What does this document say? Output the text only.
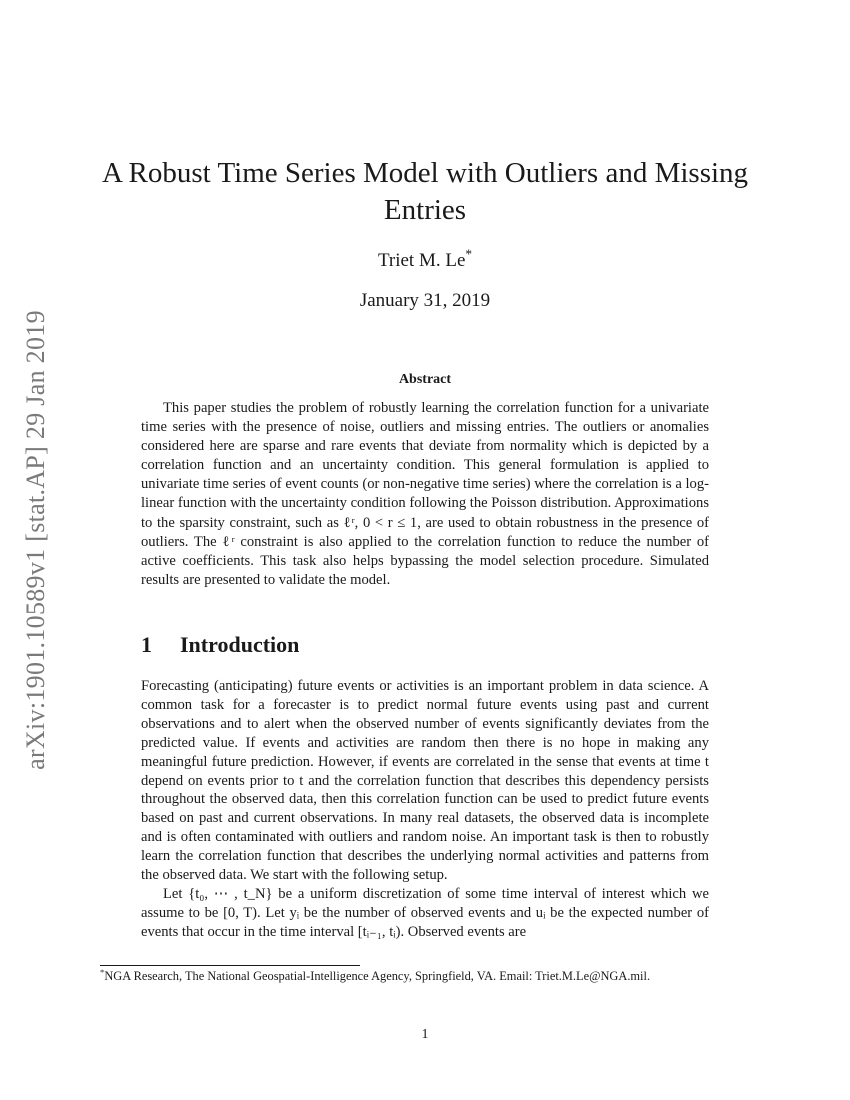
arXiv:1901.10589v1 [stat.AP] 29 Jan 2019
A Robust Time Series Model with Outliers and Missing Entries
Triet M. Le*
January 31, 2019
Abstract

This paper studies the problem of robustly learning the correlation function for a univariate time series with the presence of noise, outliers and missing entries. The outliers or anomalies considered here are sparse and rare events that deviate from normality which is depicted by a correlation function and an uncertainty condition. This general formulation is applied to univariate time series of event counts (or non-negative time series) where the correlation is a log-linear function with the uncertainty condition following the Poisson distribution. Approximations to the sparsity constraint, such as ℓʳ, 0 < r ≤ 1, are used to obtain robustness in the presence of outliers. The ℓʳ constraint is also applied to the correlation function to reduce the number of active coefficients. This task also helps bypassing the model selection procedure. Simulated results are presented to validate the model.

1 Introduction

Forecasting (anticipating) future events or activities is an important problem in data science. A common task for a forecaster is to predict normal future events using past and current observations and to alert when the observed number of events significantly deviates from the predicted value. If events and activities are random then there is no hope in making any meaningful future prediction. However, if events are correlated in the sense that events at time t depend on events prior to t and the correlation function that describes this dependency persists throughout the observed data, then this correlation function can be used to predict future events based on past and current observations. In many real datasets, the observed data is incomplete and is often contaminated with outliers and random noise. An important task is then to robustly learn the correlation function that describes the underlying normal activities and patterns from the observed data. We start with the following setup.

Let {t₀, ⋯ , t_N} be a uniform discretization of some time interval of interest which we assume to be [0, T). Let yᵢ be the number of observed events and uᵢ be the expected number of events that occur in the time interval [tᵢ₋₁, tᵢ). Observed events are

*NGA Research, The National Geospatial-Intelligence Agency, Springfield, VA. Email: Triet.M.Le@NGA.mil.

1
